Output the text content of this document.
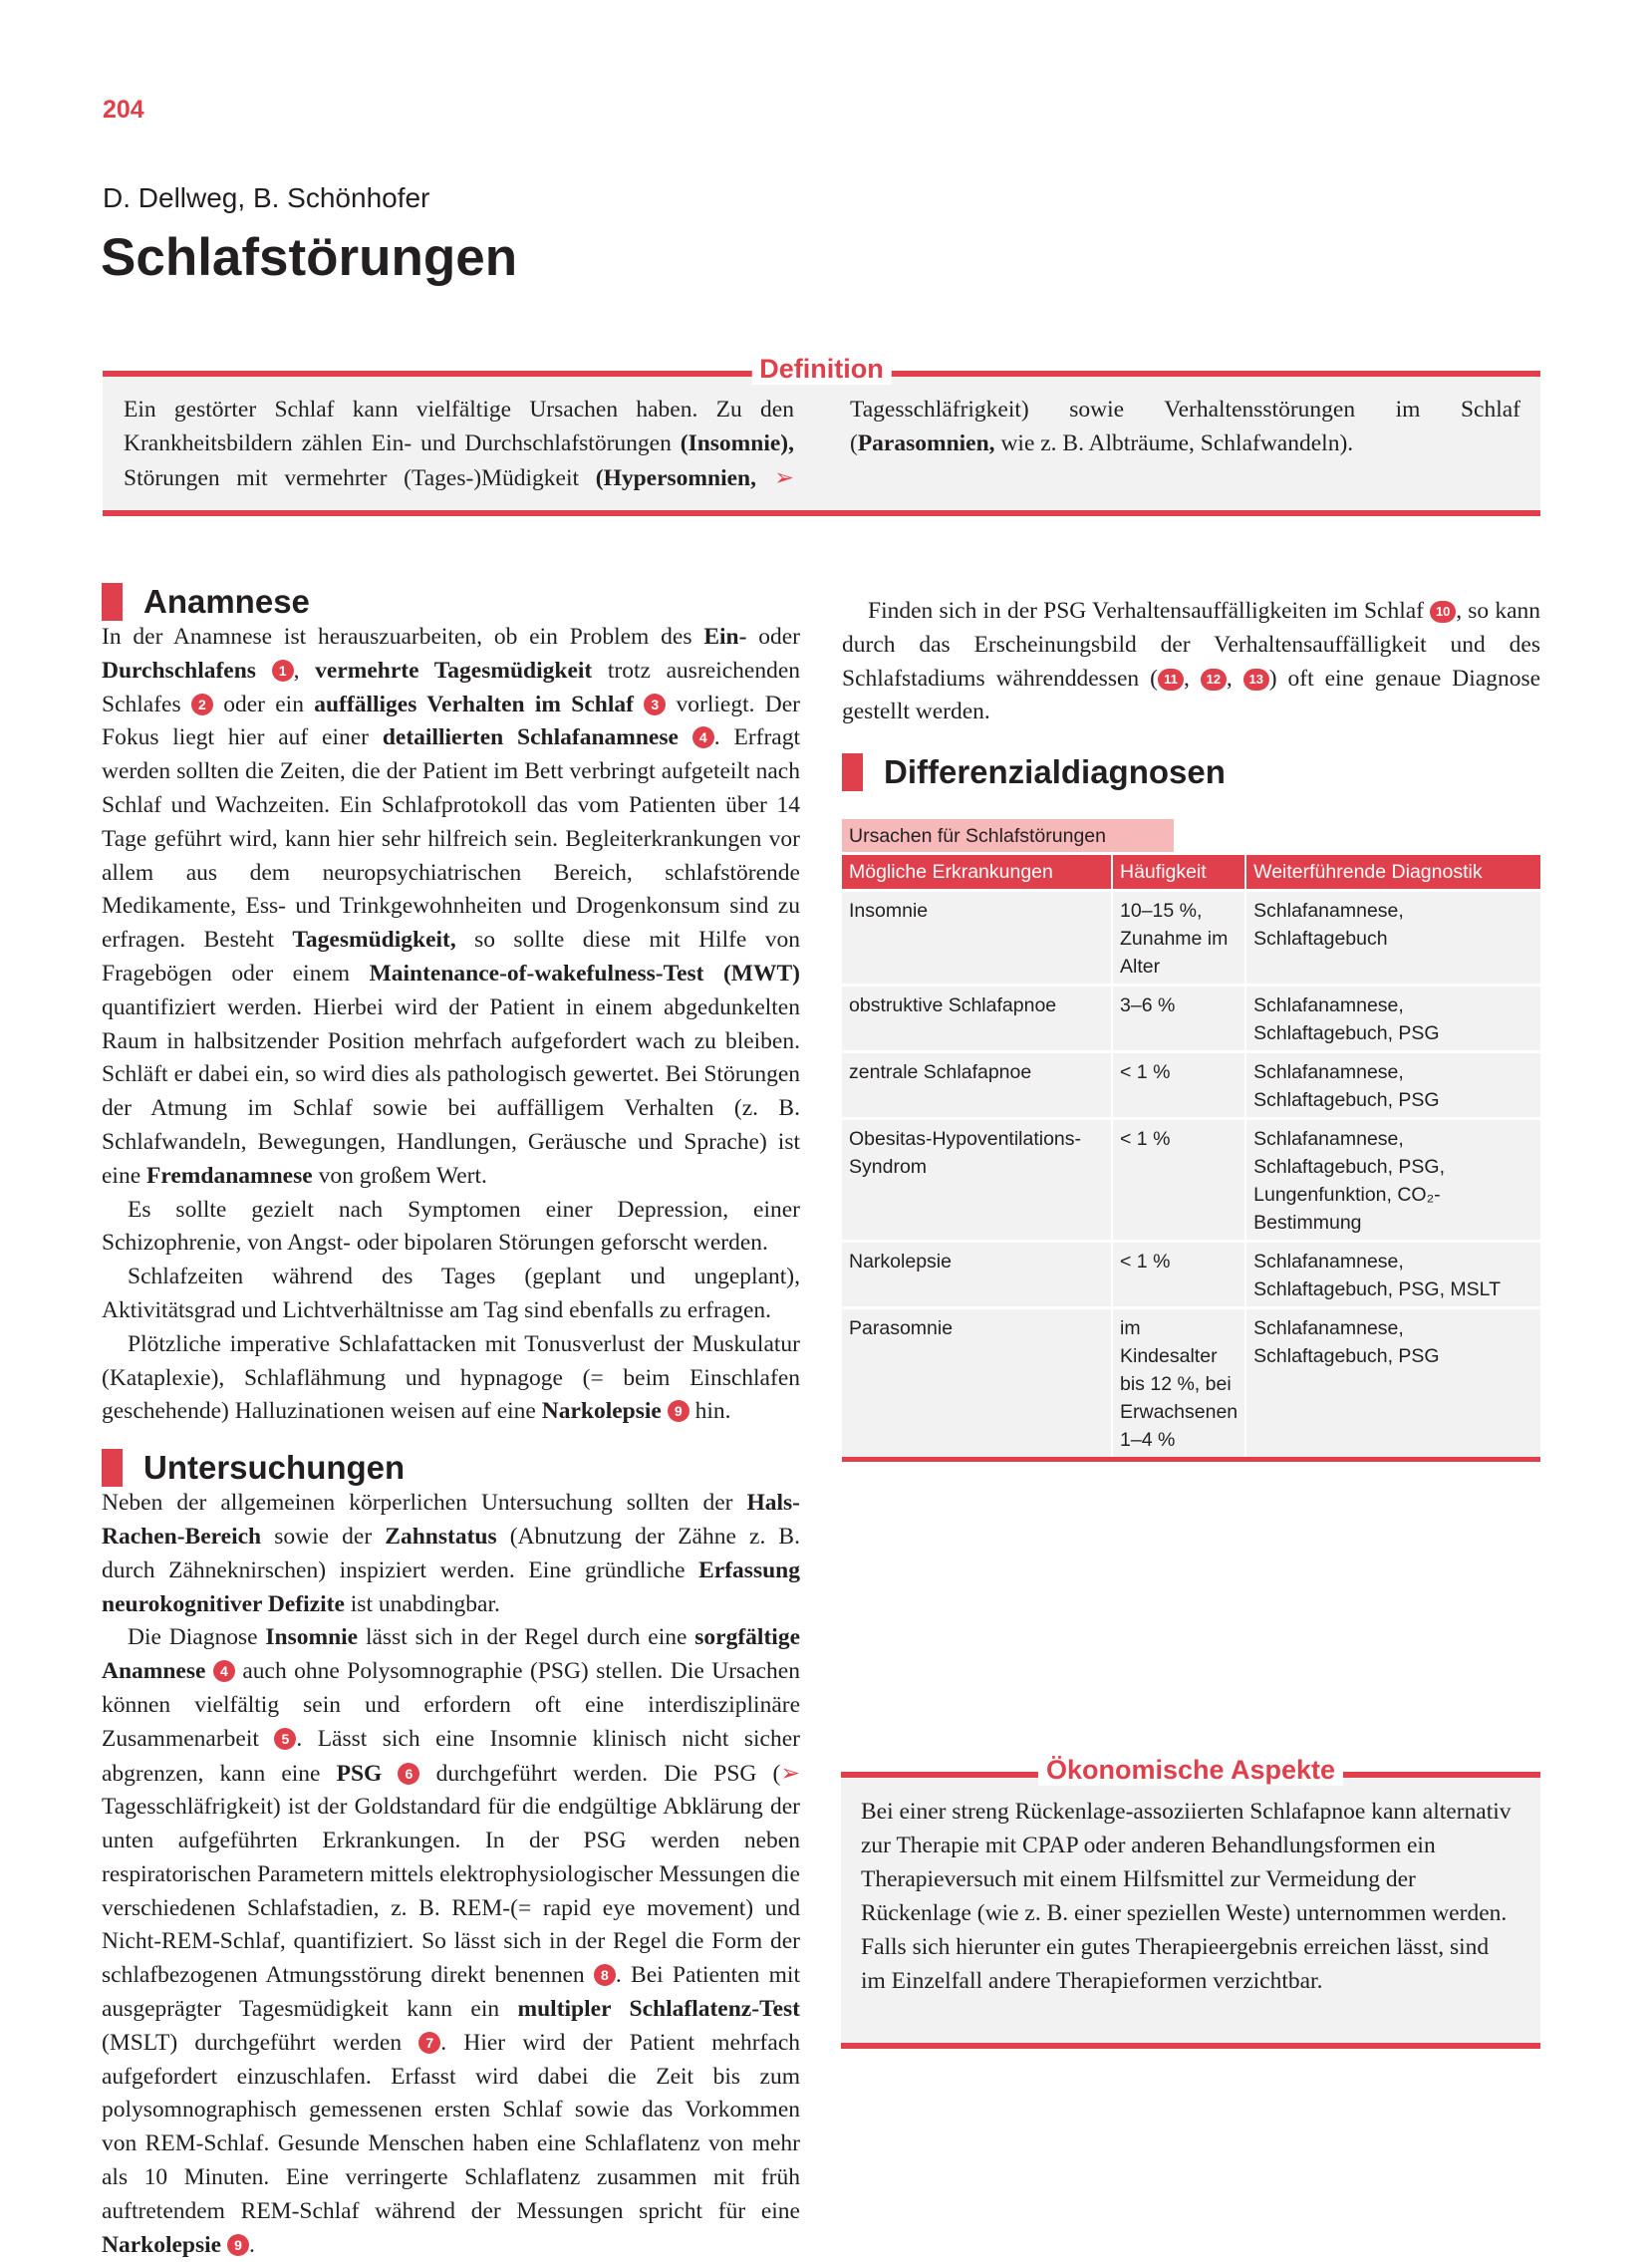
204
D. Dellweg, B. Schönhofer
Schlafstörungen
Definition
Ein gestörter Schlaf kann vielfältige Ursachen haben. Zu den Krankheitsbildern zählen Ein- und Durchschlafstörungen (Insomnie), Störungen mit vermehrter (Tages-)Müdigkeit (Hypersomnien, ➢ Tagesschläfrigkeit) sowie Verhaltensstörungen im Schlaf (Parasomnien, wie z. B. Albträume, Schlafwandeln).
Anamnese

In der Anamnese ist herauszuarbeiten, ob ein Problem des Ein- oder Durchschlafens 1 , vermehrte Tagesmüdigkeit trotz ausreichenden Schlafes 2 oder ein auffälliges Verhalten im Schlaf 3 vorliegt. Der Fokus liegt hier auf einer detaillierten Schlafanamnese 4 . Erfragt werden sollten die Zeiten, die der Patient im Bett verbringt aufgeteilt nach Schlaf und Wachzeiten. Ein Schlafprotokoll das vom Patienten über 14 Tage geführt wird, kann hier sehr hilfreich sein. Begleiterkrankungen vor allem aus dem neuropsychiatrischen Bereich, schlafstörende Medikamente, Ess- und Trinkgewohnheiten und Drogenkonsum sind zu erfragen. Besteht Tagesmüdigkeit, so sollte diese mit Hilfe von Fragebögen oder einem Maintenance-of-wakefulness-Test (MWT) quantifiziert werden. Hierbei wird der Patient in einem abgedunkelten Raum in halbsitzender Position mehrfach aufgefordert wach zu bleiben. Schläft er dabei ein, so wird dies als pathologisch gewertet. Bei Störungen der Atmung im Schlaf sowie bei auffälligem Verhalten (z. B. Schlafwandeln, Bewegungen, Handlungen, Geräusche und Sprache) ist eine Fremdanamnese von großem Wert.

Es sollte gezielt nach Symptomen einer Depression, einer Schizophrenie, von Angst- oder bipolaren Störungen geforscht werden.

Schlafzeiten während des Tages (geplant und ungeplant), Aktivitätsgrad und Lichtverhältnisse am Tag sind ebenfalls zu erfragen.

Plötzliche imperative Schlafattacken mit Tonusverlust der Muskulatur (Kataplexie), Schlaflähmung und hypnagoge (= beim Einschlafen geschehende) Halluzinationen weisen auf eine Narkolepsie 9 hin.

Untersuchungen

Neben der allgemeinen körperlichen Untersuchung sollten der Hals-Rachen-Bereich sowie der Zahnstatus (Abnutzung der Zähne z. B. durch Zähneknirschen) inspiziert werden. Eine gründliche Erfassung neurokognitiver Defizite ist unabdingbar.

Die Diagnose Insomnie lässt sich in der Regel durch eine sorgfältige Anamnese 4 auch ohne Polysomnographie (PSG) stellen. Die Ursachen können vielfältig sein und erfordern oft eine interdisziplinäre Zusammenarbeit 5 . Lässt sich eine Insomnie klinisch nicht sicher abgrenzen, kann eine PSG 6 durchgeführt werden. Die PSG (➢ Tagesschläfrigkeit) ist der Goldstandard für die endgültige Abklärung der unten aufgeführten Erkrankungen. In der PSG werden neben respiratorischen Parametern mittels elektrophysiologischer Messungen die verschiedenen Schlafstadien, z. B. REM-(= rapid eye movement) und Nicht-REM-Schlaf, quantifiziert. So lässt sich in der Regel die Form der schlafbezogenen Atmungsstörung direkt benennen 8 . Bei Patienten mit ausgeprägter Tagesmüdigkeit kann ein multipler Schlaflatenz-Test (MSLT) durchgeführt werden 7 . Hier wird der Patient mehrfach aufgefordert einzuschlafen. Erfasst wird dabei die Zeit bis zum polysomnographisch gemessenen ersten Schlaf sowie das Vorkommen von REM-Schlaf. Gesunde Menschen haben eine Schlaflatenz von mehr als 10 Minuten. Eine verringerte Schlaflatenz zusammen mit früh auftretendem REM-Schlaf während der Messungen spricht für eine Narkolepsie 9 .

Finden sich in der PSG Verhaltensauffälligkeiten im Schlaf 10 , so kann durch das Erscheinungsbild der Verhaltensauffälligkeit und des Schlafstadiums währenddessen ( 11 , 12 , 13 ) oft eine genaue Diagnose gestellt werden.

Differenzialdiagnosen
Ursachen für Schlafstörungen
Mögliche Erkrankungen	Häufigkeit	Weiterführende Diagnostik
Insomnie	10–15 %, Zunahme im Alter	Schlafanamnese, Schlaftagebuch
obstruktive Schlafapnoe	3–6 %	Schlafanamnese, Schlaftagebuch, PSG
zentrale Schlafapnoe	< 1 %	Schlafanamnese, Schlaftagebuch, PSG
Obesitas-Hypoventilations-Syndrom	< 1 %	Schlafanamnese, Schlaftagebuch, PSG, Lungenfunktion, CO₂-Bestimmung
Narkolepsie	< 1 %	Schlafanamnese, Schlaftagebuch, PSG, MSLT
Parasomnie	im Kindesalter bis 12 %, bei Erwachsenen 1–4 %	Schlafanamnese, Schlaftagebuch, PSG
Ökonomische Aspekte
Bei einer streng Rückenlage-assoziierten Schlafapnoe kann alternativ zur Therapie mit CPAP oder anderen Behandlungsformen ein Therapieversuch mit einem Hilfsmittel zur Vermeidung der Rückenlage (wie z. B. einer speziellen Weste) unternommen werden. Falls sich hierunter ein gutes Therapieergebnis erreichen lässt, sind im Einzelfall andere Therapieformen verzichtbar.
